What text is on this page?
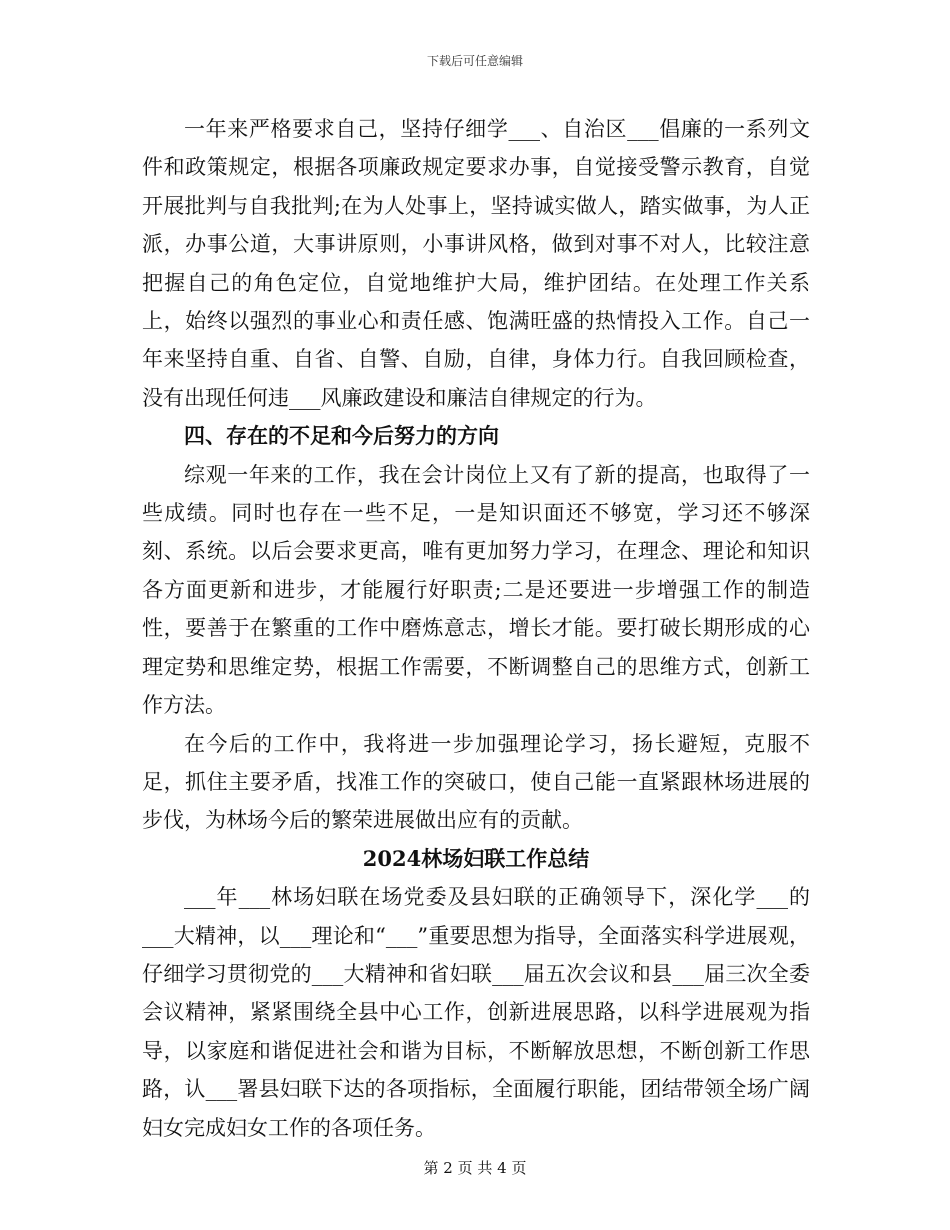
下载后可任意编辑

一年来严格要求自己，坚持仔细学___、自治区___倡廉的一系列文件和政策规定，根据各项廉政规定要求办事，自觉接受警示教育，自觉开展批判与自我批判;在为人处事上，坚持诚实做人，踏实做事，为人正派，办事公道，大事讲原则，小事讲风格，做到对事不对人，比较注意把握自己的角色定位，自觉地维护大局，维护团结。在处理工作关系上，始终以强烈的事业心和责任感、饱满旺盛的热情投入工作。自己一年来坚持自重、自省、自警、自励，自律，身体力行。自我回顾检查，没有出现任何违___风廉政建设和廉洁自律规定的行为。

四、存在的不足和今后努力的方向

综观一年来的工作，我在会计岗位上又有了新的提高，也取得了一些成绩。同时也存在一些不足，一是知识面还不够宽，学习还不够深刻、系统。以后会要求更高，唯有更加努力学习，在理念、理论和知识各方面更新和进步，才能履行好职责;二是还要进一步增强工作的制造性，要善于在繁重的工作中磨炼意志，增长才能。要打破长期形成的心理定势和思维定势，根据工作需要，不断调整自己的思维方式，创新工作方法。

在今后的工作中，我将进一步加强理论学习，扬长避短，克服不足，抓住主要矛盾，找准工作的突破口，使自己能一直紧跟林场进展的步伐，为林场今后的繁荣进展做出应有的贡献。

2024林场妇联工作总结

___年___林场妇联在场党委及县妇联的正确领导下，深化学___的___大精神，以___理论和“___”重要思想为指导，全面落实科学进展观，仔细学习贯彻党的___大精神和省妇联___届五次会议和县___届三次全委会议精神，紧紧围绕全县中心工作，创新进展思路，以科学进展观为指导，以家庭和谐促进社会和谐为目标，不断解放思想，不断创新工作思路，认___署县妇联下达的各项指标，全面履行职能，团结带领全场广阔妇女完成妇女工作的各项任务。

第 2 页 共 4 页
